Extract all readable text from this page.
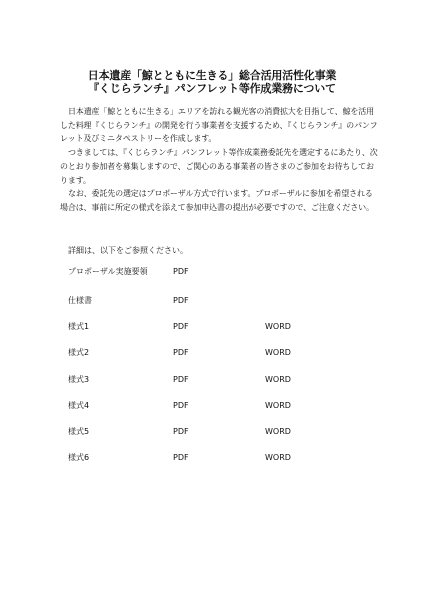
日本遺産「鯨とともに生きる」総合活用活性化事業
『くじらランチ』パンフレット等作成業務について

日本遺産「鯨とともに生きる」エリアを訪れる観光客の消費拡大を目指して、鯨を活用した料理『くじらランチ』の開発を行う事業者を支援するため、『くじらランチ』のパンフレット及びミニタペストリーを作成します。

つきましては、『くじらランチ』パンフレット等作成業務委託先を選定するにあたり、次のとおり参加者を募集しますので、ご関心のある事業者の皆さまのご参加をお待ちしております。

なお、委託先の選定はプロポーザル方式で行います。プロポーザルに参加を希望される場合は、事前に所定の様式を添えて参加申込書の提出が必要ですので、ご注意ください。

詳細は、以下をご参照ください。
プロポーザル実施要領	PDF
仕様書	PDF
様式1	PDF	WORD
様式2	PDF	WORD
様式3	PDF	WORD
様式4	PDF	WORD
様式5	PDF	WORD
様式6	PDF	WORD
